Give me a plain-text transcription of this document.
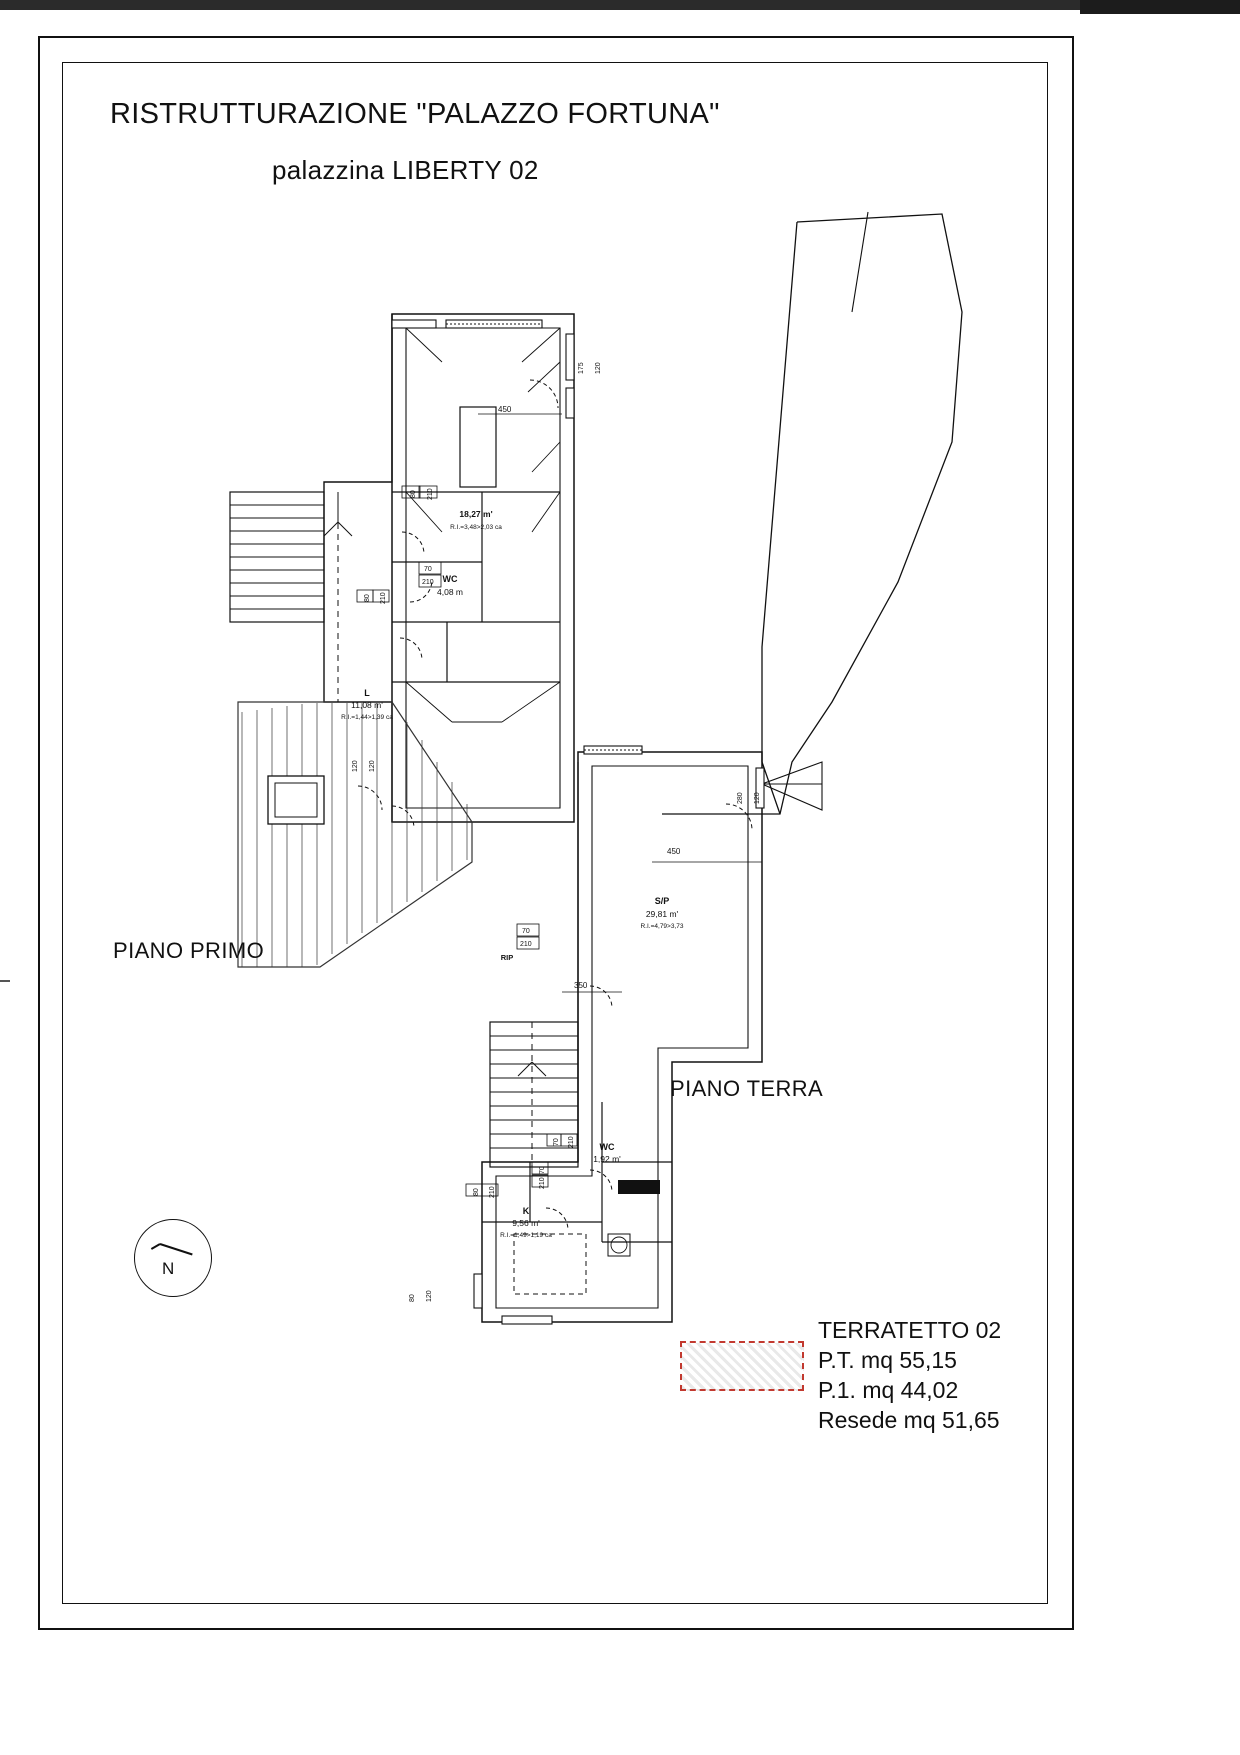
RISTRUTTURAZIONE "PALAZZO FORTUNA"
palazzina LIBERTY 02
450
175 120
80 210
70
210
80 210
120 120
450
280 120
350
70
210
70 210
70
210
80 210
80 120
18,27 m'
R.I.=3,48>2,03 ca
WC
4,08 m
L
11,08 m'
R.I.=1,44>1,39 ca
S/P
29,81 m'
R.I.=4,79>3,73
RIP
WC
1,92 m'
K
9,56 m'
R.I.=1,49>1,19 ca
PIANO PRIMO
PIANO TERRA
N
TERRATETTO 02
P.T. mq 55,15
P.1. mq 44,02
Resede mq 51,65
